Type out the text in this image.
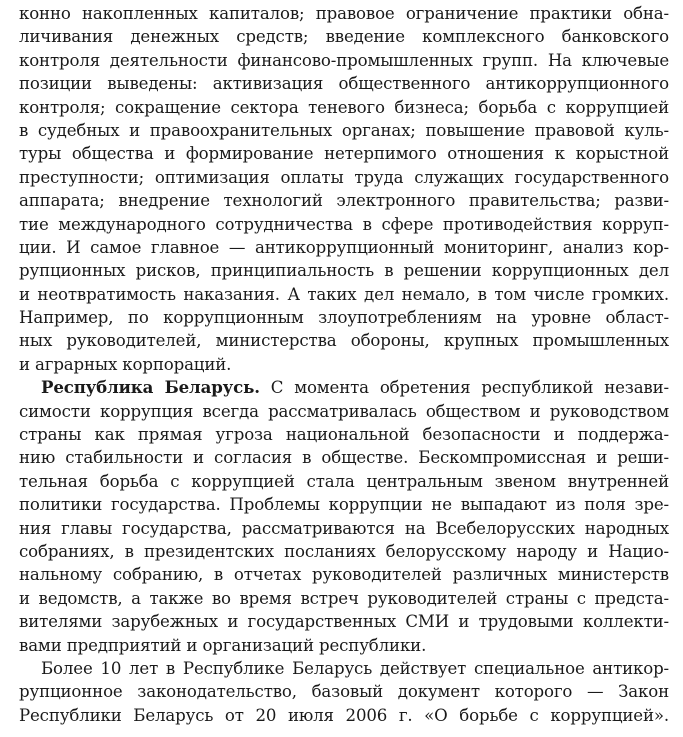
конно накопленных капиталов; правовое ограничение практики обна-
личивания денежных средств; введение комплексного банковского
контроля деятельности финансово-промышленных групп. На ключевые
позиции выведены: активизация общественного антикоррупционного
контроля; сокращение сектора теневого бизнеса; борьба с коррупцией
в судебных и правоохранительных органах; повышение правовой куль-
туры общества и формирование нетерпимого отношения к корыстной
преступности; оптимизация оплаты труда служащих государственного
аппарата; внедрение технологий электронного правительства; разви-
тие международного сотрудничества в сфере противодействия корруп-
ции. И самое главное — антикоррупционный мониторинг, анализ кор-
рупционных рисков, принципиальность в решении коррупционных дел
и неотвратимость наказания. А таких дел немало, в том числе громких.
Например, по коррупционным злоупотреблениям на уровне област-
ных руководителей, министерства обороны, крупных промышленных
и аграрных корпораций.
Республика Беларусь. С момента обретения республикой незави-
симости коррупция всегда рассматривалась обществом и руководством
страны как прямая угроза национальной безопасности и поддержа-
нию стабильности и согласия в обществе. Бескомпромиссная и реши-
тельная борьба с коррупцией стала центральным звеном внутренней
политики государства. Проблемы коррупции не выпадают из поля зре-
ния главы государства, рассматриваются на Всебелорусских народных
собраниях, в президентских посланиях белорусскому народу и Нацио-
нальному собранию, в отчетах руководителей различных министерств
и ведомств, а также во время встреч руководителей страны с предста-
вителями зарубежных и государственных СМИ и трудовыми коллекти-
вами предприятий и организаций республики.
Более 10 лет в Республике Беларусь действует специальное антикор-
рупционное законодательство, базовый документ которого — Закон
Республики Беларусь от 20 июля 2006 г. «О борьбе с коррупцией».
